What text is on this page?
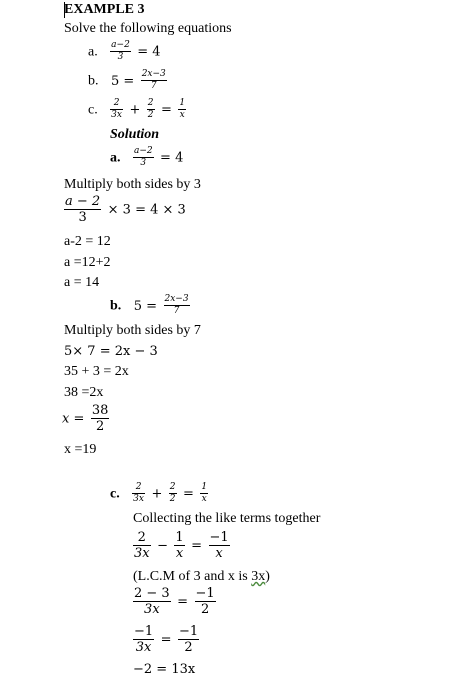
EXAMPLE 3
Solve the following equations
a. $\frac{a-2}{3} = 4$
b. $5 = \frac{2x-3}{7}$
c. $\frac{2}{3x} + \frac{2}{2} = \frac{1}{x}$
Solution
a. $\frac{a-2}{3} = 4$
Multiply both sides by 3
$\frac{a - 2}{3} \times 3 = 4 \times 3$
a-2 = 12
a =12+2
a = 14
b. $5 = \frac{2x-3}{7}$
Multiply both sides by 7
5× 7 = 2x − 3
35 + 3 = 2x
38 =2x
$x = \frac{38}{2}$
x =19
c. $\frac{2}{3x} + \frac{2}{2} = \frac{1}{x}$
Collecting the like terms together
$\frac{2}{3x} - \frac{1}{x} = \frac{-1}{x}$
(L.C.M of 3 and x is 3x)
$\frac{2 - 3}{3x} = \frac{-1}{2}$
$\frac{-1}{3x} = \frac{-1}{2}$
−2 = 13x
